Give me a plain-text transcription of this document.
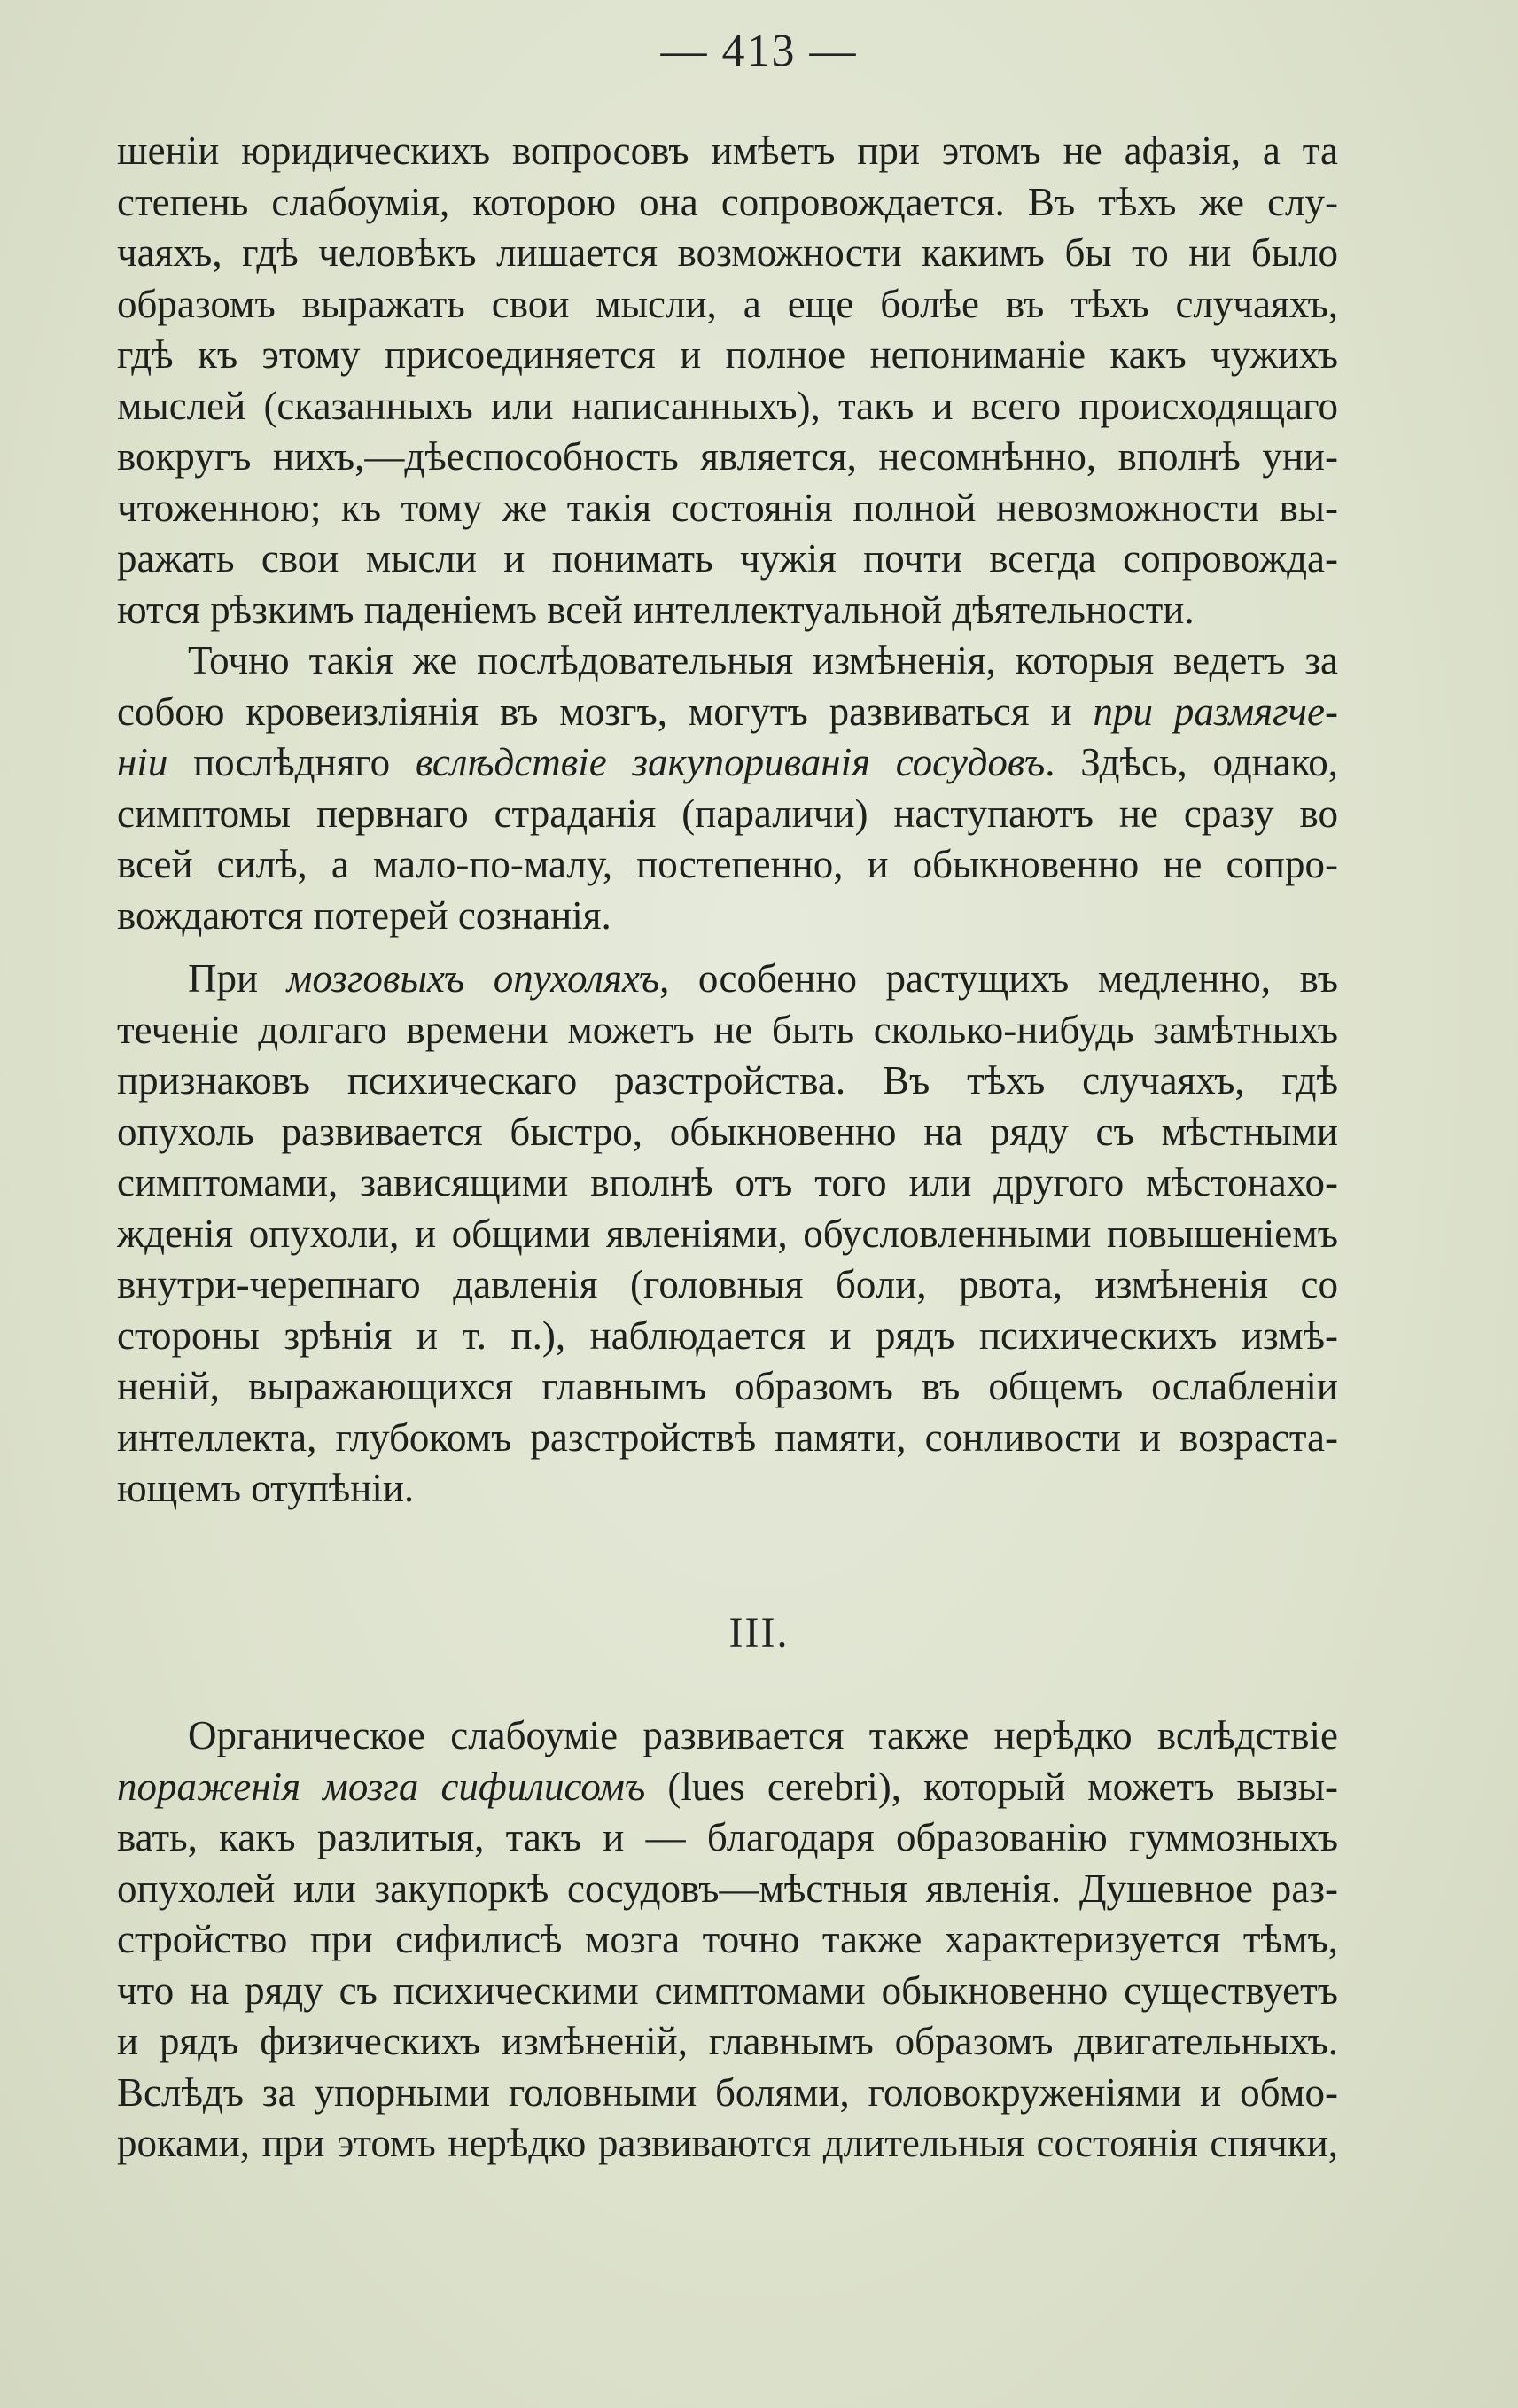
— 413 —

шеніи юридическихъ вопросовъ имѣетъ при этомъ не афазія, а та
степень слабоумія, которою она сопровождается. Въ тѣхъ же слу-
чаяхъ, гдѣ человѣкъ лишается возможности какимъ бы то ни было
образомъ выражать свои мысли, а еще болѣе въ тѣхъ случаяхъ,
гдѣ къ этому присоединяется и полное непониманіе какъ чужихъ
мыслей (сказанныхъ или написанныхъ), такъ и всего происходящаго
вокругъ нихъ,—дѣеспособность является, несомнѣнно, вполнѣ уни-
чтоженною; къ тому же такія состоянія полной невозможности вы-
ражать свои мысли и понимать чужія почти всегда сопровожда-
ются рѣзкимъ паденіемъ всей интеллектуальной дѣятельности.

Точно такія же послѣдовательныя измѣненія, которыя ведетъ за
собою кровеизліянія въ мозгъ, могутъ развиваться и при размягче-
ніи послѣдняго вслѣдствіе закупориванія сосудовъ. Здѣсь, однако,
симптомы первнаго страданія (параличи) наступаютъ не сразу во
всей силѣ, а мало-по-малу, постепенно, и обыкновенно не сопро-
вождаются потерей сознанія.

При мозговыхъ опухоляхъ, особенно растущихъ медленно, въ
теченіе долгаго времени можетъ не быть сколько-нибудь замѣтныхъ
признаковъ психическаго разстройства. Въ тѣхъ случаяхъ, гдѣ
опухоль развивается быстро, обыкновенно на ряду съ мѣстными
симптомами, зависящими вполнѣ отъ того или другого мѣстонахо-
жденія опухоли, и общими явленіями, обусловленными повышеніемъ
внутри-черепнаго давленія (головныя боли, рвота, измѣненія со
стороны зрѣнія и т. п.), наблюдается и рядъ психическихъ измѣ-
неній, выражающихся главнымъ образомъ въ общемъ ослабленіи
интеллекта, глубокомъ разстройствѣ памяти, сонливости и возраста-
ющемъ отупѣніи.

III.

Органическое слабоуміе развивается также нерѣдко вслѣдствіе
пораженія мозга сифилисомъ (lues cerebri), который можетъ вызы-
вать, какъ разлитыя, такъ и — благодаря образованію гуммозныхъ
опухолей или закупоркѣ сосудовъ—мѣстныя явленія. Душевное раз-
стройство при сифилисѣ мозга точно также характеризуется тѣмъ,
что на ряду съ психическими симптомами обыкновенно существуетъ
и рядъ физическихъ измѣненій, главнымъ образомъ двигательныхъ.
Вслѣдъ за упорными головными болями, головокруженіями и обмо-
роками, при этомъ нерѣдко развиваются длительныя состоянія спячки,
